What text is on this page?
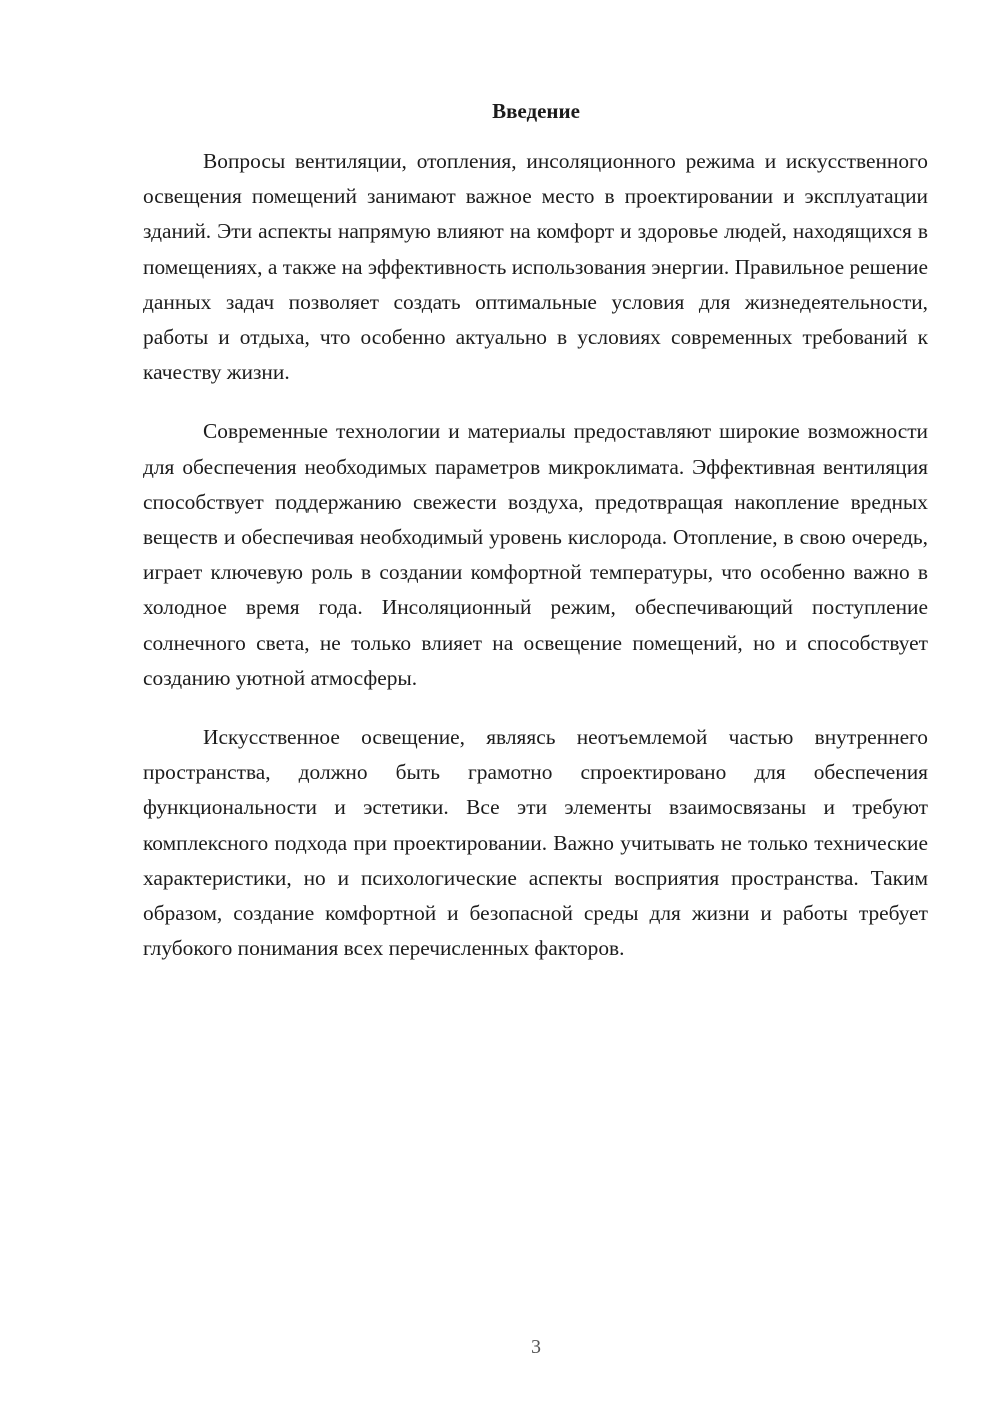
Введение

Вопросы вентиляции, отопления, инсоляционного режима и искусственного освещения помещений занимают важное место в проектировании и эксплуатации зданий. Эти аспекты напрямую влияют на комфорт и здоровье людей, находящихся в помещениях, а также на эффективность использования энергии. Правильное решение данных задач позволяет создать оптимальные условия для жизнедеятельности, работы и отдыха, что особенно актуально в условиях современных требований к качеству жизни.

Современные технологии и материалы предоставляют широкие возможности для обеспечения необходимых параметров микроклимата. Эффективная вентиляция способствует поддержанию свежести воздуха, предотвращая накопление вредных веществ и обеспечивая необходимый уровень кислорода. Отопление, в свою очередь, играет ключевую роль в создании комфортной температуры, что особенно важно в холодное время года. Инсоляционный режим, обеспечивающий поступление солнечного света, не только влияет на освещение помещений, но и способствует созданию уютной атмосферы.

Искусственное освещение, являясь неотъемлемой частью внутреннего пространства, должно быть грамотно спроектировано для обеспечения функциональности и эстетики. Все эти элементы взаимосвязаны и требуют комплексного подхода при проектировании. Важно учитывать не только технические характеристики, но и психологические аспекты восприятия пространства. Таким образом, создание комфортной и безопасной среды для жизни и работы требует глубокого понимания всех перечисленных факторов.

3
